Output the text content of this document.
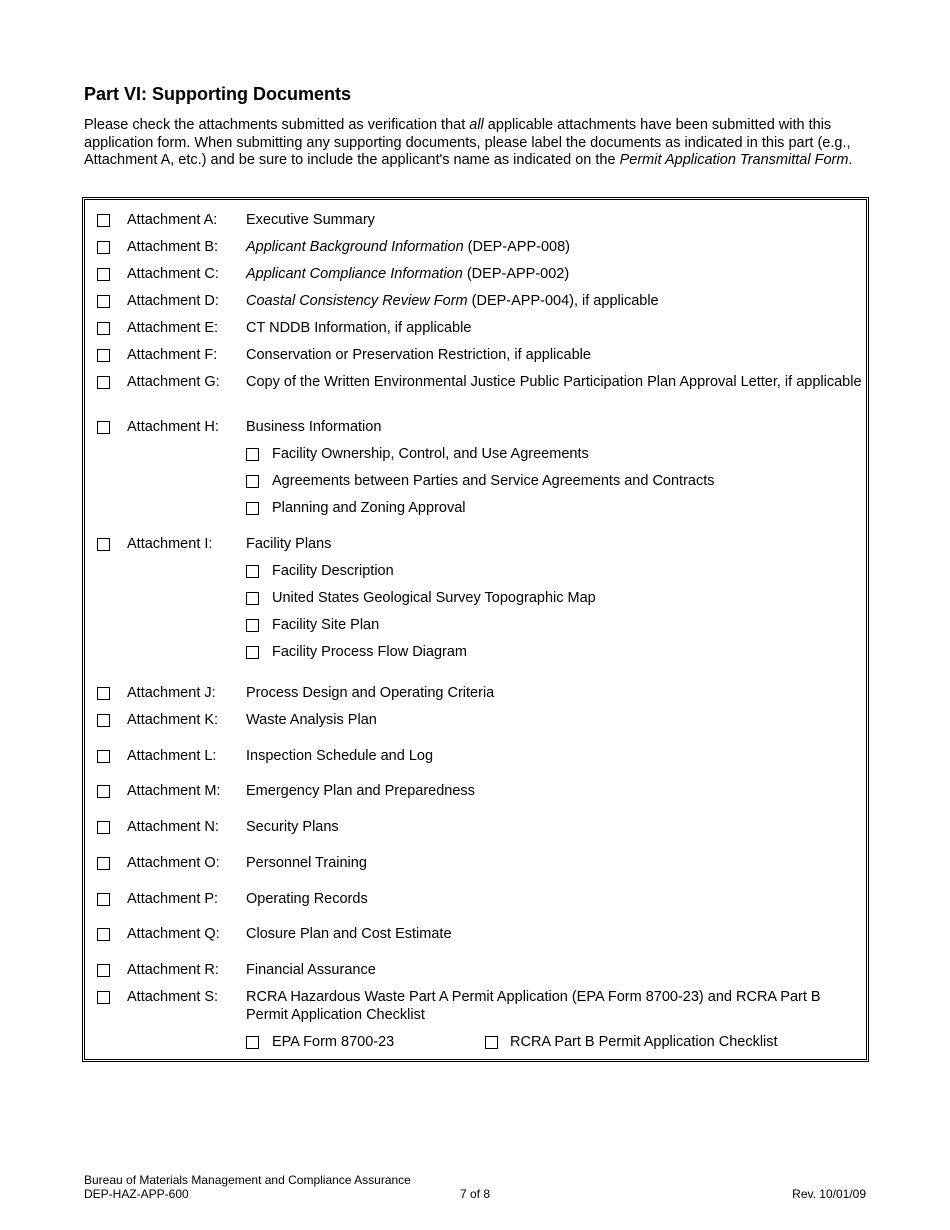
Part VI: Supporting Documents

Please check the attachments submitted as verification that all applicable attachments have been submitted with this application form. When submitting any supporting documents, please label the documents as indicated in this part (e.g., Attachment A, etc.) and be sure to include the applicant's name as indicated on the Permit Application Transmittal Form.

Attachment A: Executive Summary
Attachment B: Applicant Background Information (DEP-APP-008)
Attachment C: Applicant Compliance Information (DEP-APP-002)
Attachment D: Coastal Consistency Review Form (DEP-APP-004), if applicable
Attachment E: CT NDDB Information, if applicable
Attachment F: Conservation or Preservation Restriction, if applicable
Attachment G: Copy of the Written Environmental Justice Public Participation Plan Approval Letter, if applicable
Attachment H: Business Information
Facility Ownership, Control, and Use Agreements
Agreements between Parties and Service Agreements and Contracts
Planning and Zoning Approval
Attachment I: Facility Plans
Facility Description
United States Geological Survey Topographic Map
Facility Site Plan
Facility Process Flow Diagram
Attachment J: Process Design and Operating Criteria
Attachment K: Waste Analysis Plan
Attachment L: Inspection Schedule and Log
Attachment M: Emergency Plan and Preparedness
Attachment N: Security Plans
Attachment O: Personnel Training
Attachment P: Operating Records
Attachment Q: Closure Plan and Cost Estimate
Attachment R: Financial Assurance
Attachment S: RCRA Hazardous Waste Part A Permit Application (EPA Form 8700-23) and RCRA Part B Permit Application Checklist
EPA Form 8700-23	RCRA Part B Permit Application Checklist
Bureau of Materials Management and Compliance Assurance
DEP-HAZ-APP-600	7 of 8	Rev. 10/01/09
